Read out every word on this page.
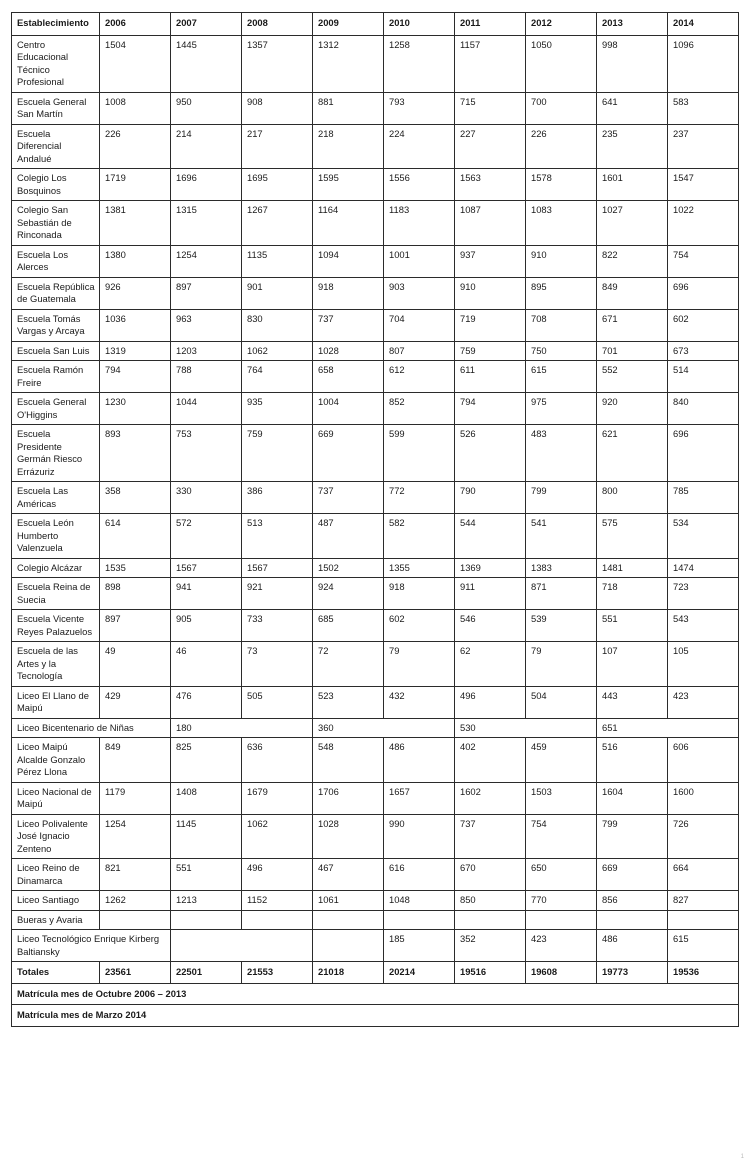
Establecimiento	2006	2007	2008	2009	2010	2011	2012	2013	2014
Centro Educacional Técnico Profesional	1504	1445	1357	1312	1258	1157	1050	998	1096
Escuela General San Martín	1008	950	908	881	793	715	700	641	583
Escuela Diferencial Andalué	226	214	217	218	224	227	226	235	237
Colegio Los Bosquinos	1719	1696	1695	1595	1556	1563	1578	1601	1547
Colegio San Sebastián de Rinconada	1381	1315	1267	1164	1183	1087	1083	1027	1022
Escuela Los Alerces	1380	1254	1135	1094	1001	937	910	822	754
Escuela República de Guatemala	926	897	901	918	903	910	895	849	696
Escuela Tomás Vargas y Arcaya	1036	963	830	737	704	719	708	671	602
Escuela San Luis	1319	1203	1062	1028	807	759	750	701	673
Escuela Ramón Freire	794	788	764	658	612	611	615	552	514
Escuela General O'Higgins	1230	1044	935	1004	852	794	975	920	840
Escuela Presidente Germán Riesco Errázuriz	893	753	759	669	599	526	483	621	696
Escuela Las Américas	358	330	386	737	772	790	799	800	785
Escuela León Humberto Valenzuela	614	572	513	487	582	544	541	575	534
Colegio Alcázar	1535	1567	1567	1502	1355	1369	1383	1481	1474
Escuela Reina de Suecia	898	941	921	924	918	911	871	718	723
Escuela Vicente Reyes Palazuelos	897	905	733	685	602	546	539	551	543
Escuela de las Artes y la Tecnología	49	46	73	72	79	62	79	107	105
Liceo El Llano de Maipú	429	476	505	523	432	496	504	443	423
Liceo Bicentenario de Niñas		180		360		530		651	
Liceo Maipú Alcalde Gonzalo Pérez Llona	849	825	636	548	486	402	459	516	606
Liceo Nacional de Maipú	1179	1408	1679	1706	1657	1602	1503	1604	1600
Liceo Polivalente José Ignacio Zenteno	1254	1145	1062	1028	990	737	754	799	726
Liceo Reino de Dinamarca	821	551	496	467	616	670	650	669	664
Liceo Santiago	1262	1213	1152	1061	1048	850	770	856	827
Bueras y Avaria									
Liceo Tecnológico Enrique Kirberg Baltiansky					185	352	423	486	615
Totales	23561	22501	21553	21018	20214	19516	19608	19773	19536
Matrícula mes de Octubre 2006 – 2013									
Matrícula mes de Marzo 2014									
1
